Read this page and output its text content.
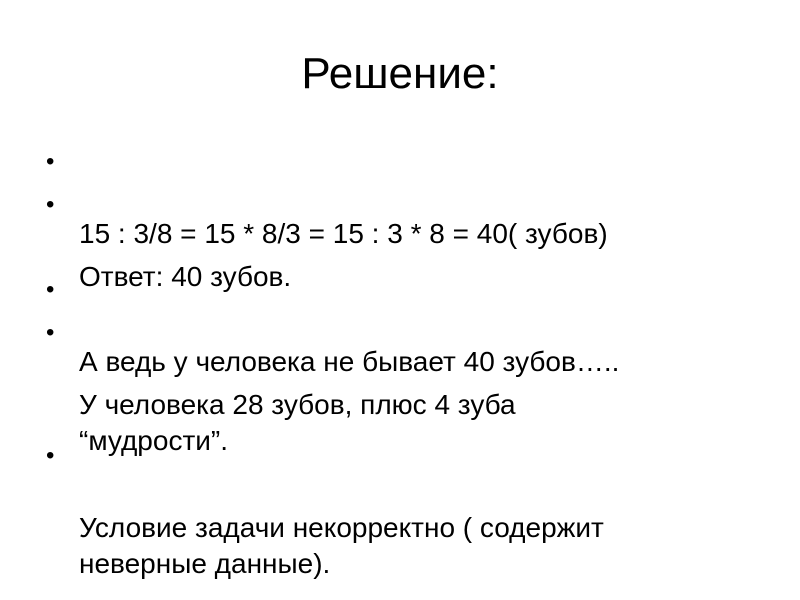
Решение:

•

15 : 3/8 = 15 * 8/3 = 15 : 3 * 8 = 40( зубов)

•

Ответ: 40 зубов.

•

А ведь у человека не бывает 40 зубов…..

•

У человека 28 зубов, плюс 4 зуба
“мудрости”.

•

Условие задачи некорректно ( содержит
неверные данные).
